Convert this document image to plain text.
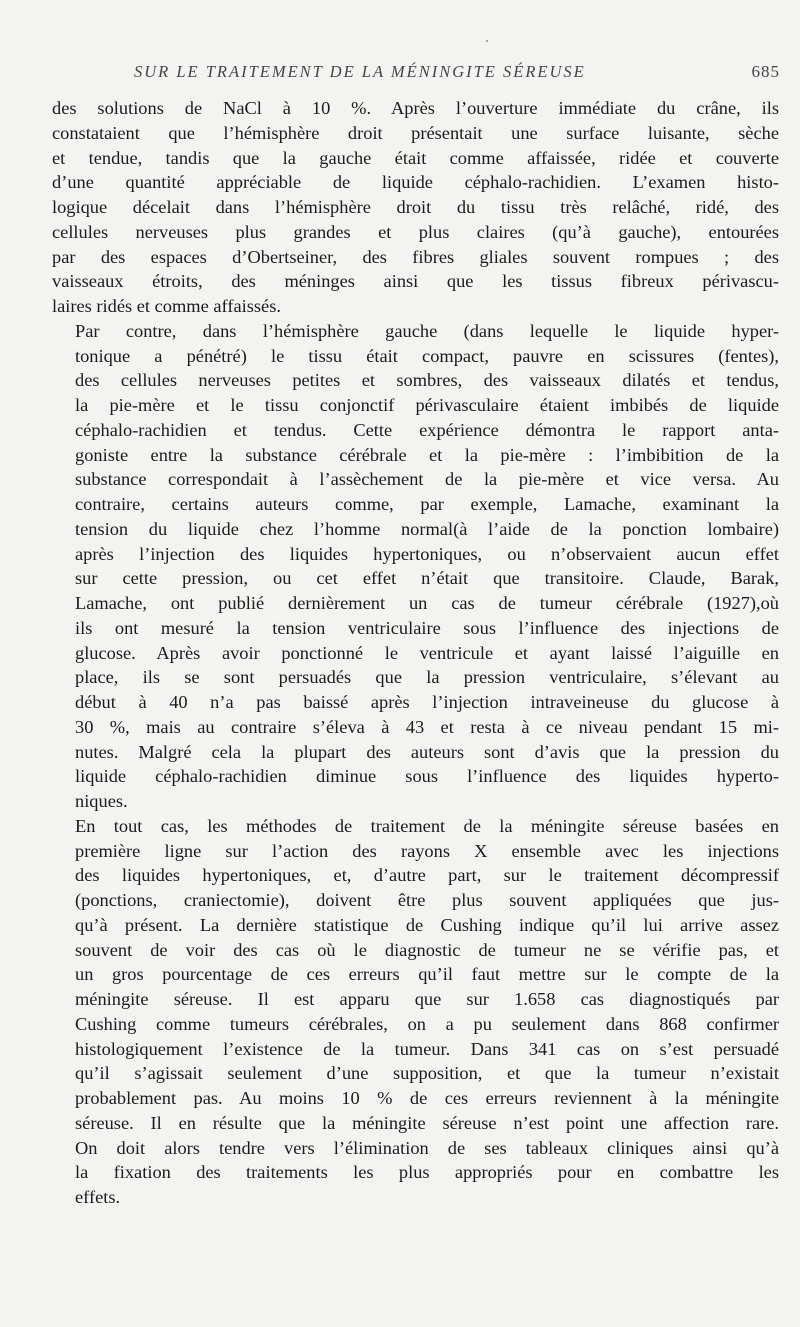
SUR LE TRAITEMENT DE LA MÉNINGITE SÉREUSE	685

des solutions de NaCl à 10 %. Après l’ouverture immédiate du crâne, ils
constataient que l’hémisphère droit présentait une surface luisante, sèche
et tendue, tandis que la gauche était comme affaissée, ridée et couverte
d’une quantité appréciable de liquide céphalo-rachidien. L’examen histo-
logique décelait dans l’hémisphère droit du tissu très relâché, ridé, des
cellules nerveuses plus grandes et plus claires (qu’à gauche), entourées
par des espaces d’Obertseiner, des fibres gliales souvent rompues ; des
vaisseaux étroits, des méninges ainsi que les tissus fibreux périvascu-
laires ridés et comme affaissés.

Par contre, dans l’hémisphère gauche (dans lequelle le liquide hyper-
tonique a pénétré) le tissu était compact, pauvre en scissures (fentes),
des cellules nerveuses petites et sombres, des vaisseaux dilatés et tendus,
la pie-mère et le tissu conjonctif périvasculaire étaient imbibés de liquide
céphalo-rachidien et tendus. Cette expérience démontra le rapport anta-
goniste entre la substance cérébrale et la pie-mère : l’imbibition de la
substance correspondait à l’assèchement de la pie-mère et vice versa. Au
contraire, certains auteurs comme, par exemple, Lamache, examinant la
tension du liquide chez l’homme normal(à l’aide de la ponction lombaire)
après l’injection des liquides hypertoniques, ou n’observaient aucun effet
sur cette pression, ou cet effet n’était que transitoire. Claude, Barak,
Lamache, ont publié dernièrement un cas de tumeur cérébrale (1927),où
ils ont mesuré la tension ventriculaire sous l’influence des injections de
glucose. Après avoir ponctionné le ventricule et ayant laissé l’aiguille en
place, ils se sont persuadés que la pression ventriculaire, s’élevant au
début à 40 n’a pas baissé après l’injection intraveineuse du glucose à
30 %, mais au contraire s’éleva à 43 et resta à ce niveau pendant 15 mi-
nutes. Malgré cela la plupart des auteurs sont d’avis que la pression du
liquide céphalo-rachidien diminue sous l’influence des liquides hyperto-
niques.

En tout cas, les méthodes de traitement de la méningite séreuse basées en
première ligne sur l’action des rayons X ensemble avec les injections
des liquides hypertoniques, et, d’autre part, sur le traitement décompressif
(ponctions, craniectomie), doivent être plus souvent appliquées que jus-
qu’à présent. La dernière statistique de Cushing indique qu’il lui arrive assez
souvent de voir des cas où le diagnostic de tumeur ne se vérifie pas, et
un gros pourcentage de ces erreurs qu’il faut mettre sur le compte de la
méningite séreuse. Il est apparu que sur 1.658 cas diagnostiqués par
Cushing comme tumeurs cérébrales, on a pu seulement dans 868 confirmer
histologiquement l’existence de la tumeur. Dans 341 cas on s’est persuadé
qu’il s’agissait seulement d’une supposition, et que la tumeur n’existait
probablement pas. Au moins 10 % de ces erreurs reviennent à la méningite
séreuse. Il en résulte que la méningite séreuse n’est point une affection rare.
On doit alors tendre vers l’élimination de ses tableaux cliniques ainsi qu’à
la fixation des traitements les plus appropriés pour en combattre les
effets.
